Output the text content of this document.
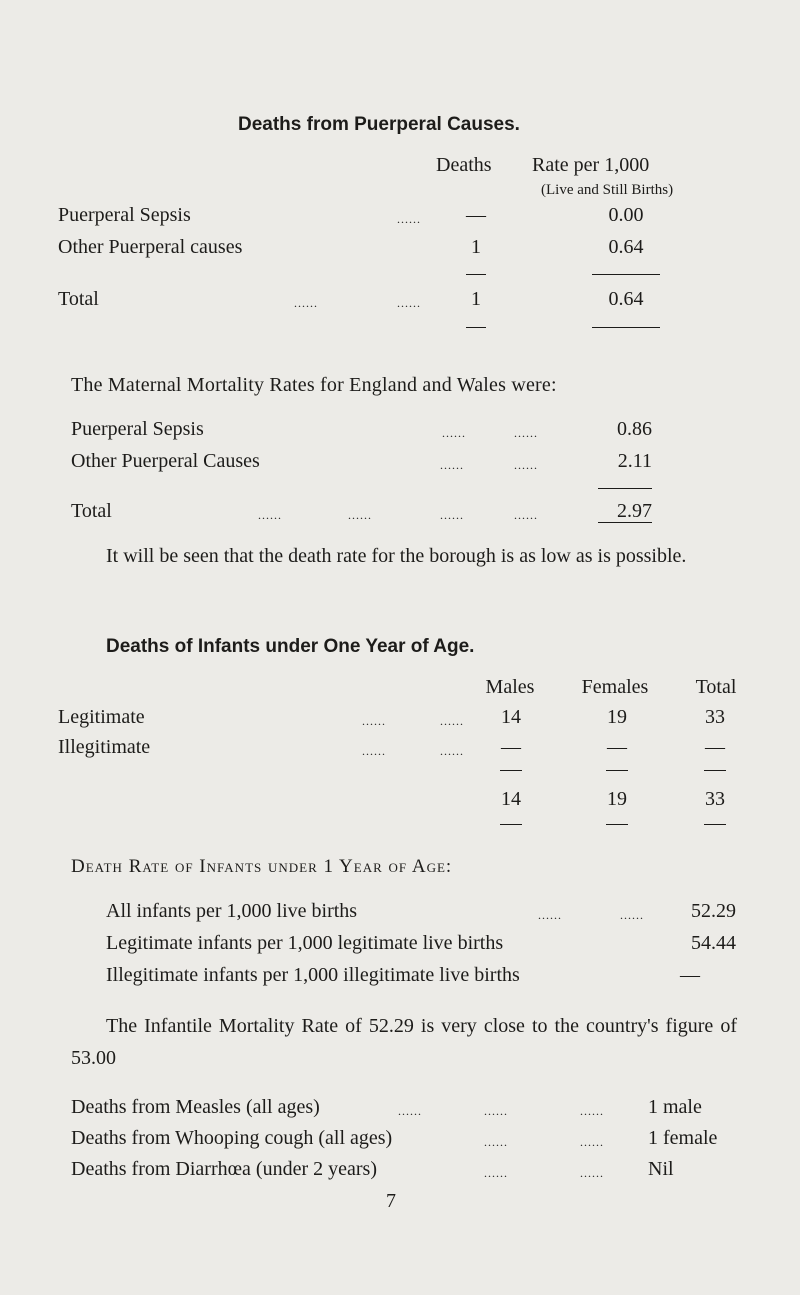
Deaths from Puerperal Causes.
Deaths Rate per 1,000
(Live and Still Births)
Puerperal Sepsis	......	—	0.00
Other Puerperal causes	1	0.64
Total	......	......	1	0.64
The Maternal Mortality Rates for England and Wales were:
Puerperal Sepsis	......	......	0.86
Other Puerperal Causes	......	......	2.11
Total	......	......	......	......	2.97
It will be seen that the death rate for the borough is as low as is possible.
Deaths of Infants under One Year of Age.
Males	Females	Total
Legitimate	......	......	14	19	33
Illegitimate	......	......	—	—	—
14	19	33
Death Rate of Infants under 1 Year of Age:
All infants per 1,000 live births	......	......	52.29
Legitimate infants per 1,000 legitimate live births	54.44
Illegitimate infants per 1,000 illegitimate live births	—
The Infantile Mortality Rate of 52.29 is very close to the country's figure of 53.00
Deaths from Measles (all ages)	......	......	...... 1 male
Deaths from Whooping cough (all ages)	......	...... 1 female
Deaths from Diarrhœa (under 2 years)	......	...... Nil
7
